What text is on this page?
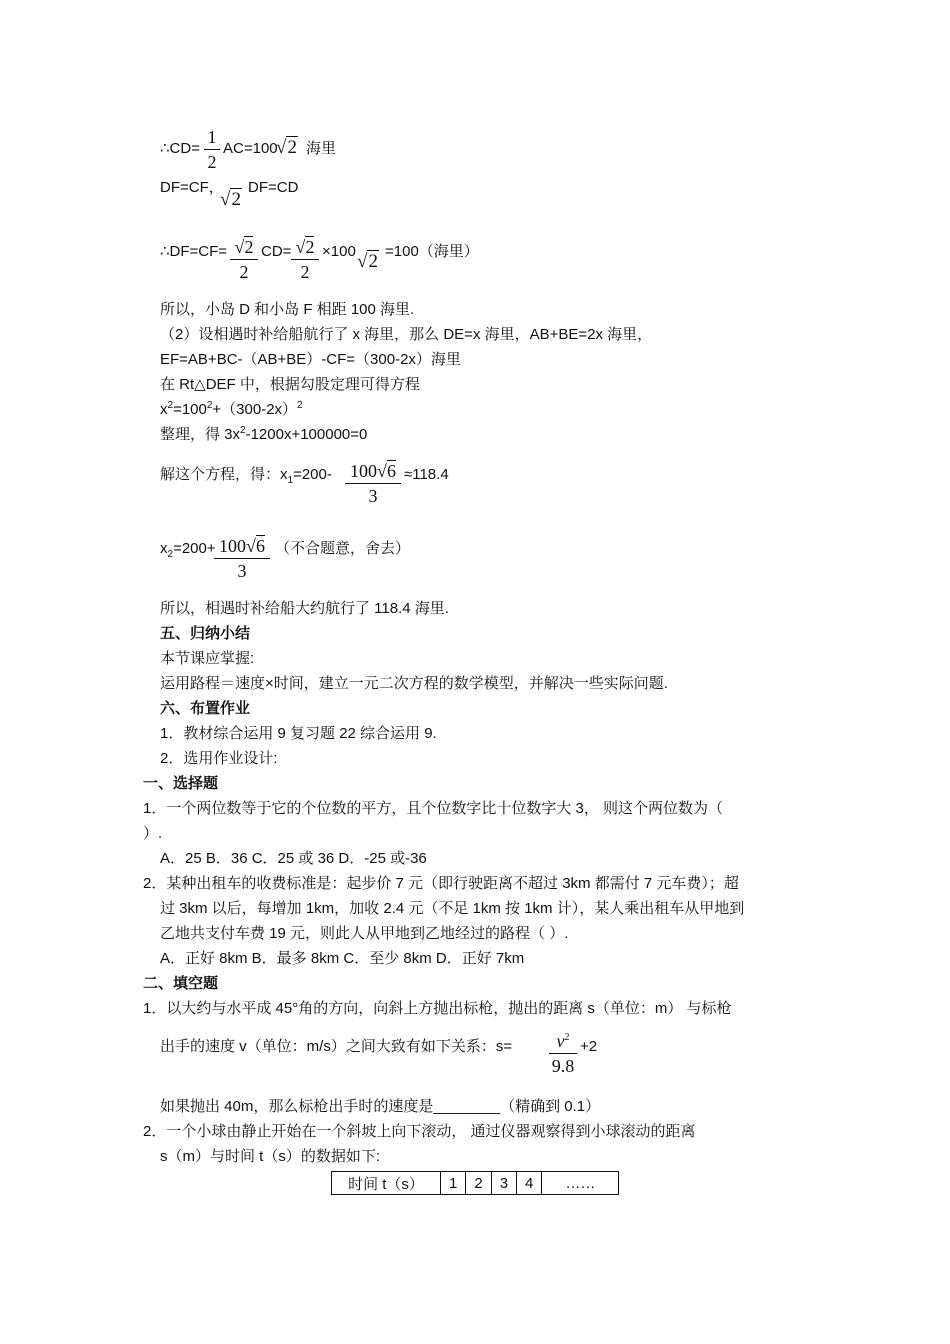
∴CD=
1
2
AC=100
√2 海里
DF=CF，
√2
DF=CD
∴DF=CF= √2
2
CD= √2
2
×100 √2 =100（海里）
所以，小岛 D 和小岛 F 相距 100 海里.
（2）设相遇时补给船航行了 x 海里，那么 DE=x 海里，AB+BE=2x 海里，
EF=AB+BC-（AB+BE）-CF=（300-2x）海里
在 Rt△DEF 中，根据勾股定理可得方程
$x^2=100^2+(300-2x)^2$
整理，得 $3x^2-1200x+100000=0$
解这个方程，得：$x_1=200-$ 100√6
3
≈118.4
$x_2=200+ 100√6$
3
（不合题意，舍去）
所以，相遇时补给船大约航行了 118.4 海里.
五、归纳小结
本节课应掌握:
运用路程＝速度×时间，建立一元二次方程的数学模型，并解决一些实际问题.
六、布置作业
1．教材综合运用 9 复习题 22 综合运用 9.
2．选用作业设计:
一、选择题
1．一个两位数等于它的个位数的平方，且个位数字比十位数字大 3， 则这个两位数为（
）.
A．25 B．36 C．25 或 36 D．-25 或-36
2．某种出租车的收费标准是：起步价 7 元（即行驶距离不超过 3km 都需付 7 元车费）；超
过 3km 以后，每增加 1km，加收 2.4 元（不足 1km 按 1km 计），某人乘出租车从甲地到
乙地共支付车费 19 元，则此人从甲地到乙地经过的路程（ ）.
A．正好 8km B．最多 8km C．至少 8km D．正好 7km
二、填空题
1．以大约与水平成 45°角的方向，向斜上方抛出标枪，抛出的距离 s（单位：m） 与标枪
出手的速度 v（单位：m/s）之间大致有如下关系：s=	$v^2$
9.8
+2
如果抛出 40m，那么标枪出手时的速度是________（精确到 0.1）
2．一个小球由静止开始在一个斜坡上向下滚动， 通过仪器观察得到小球滚动的距离
s（m）与时间 t（s）的数据如下:
时间 t（s）	1	2	3	4	……
